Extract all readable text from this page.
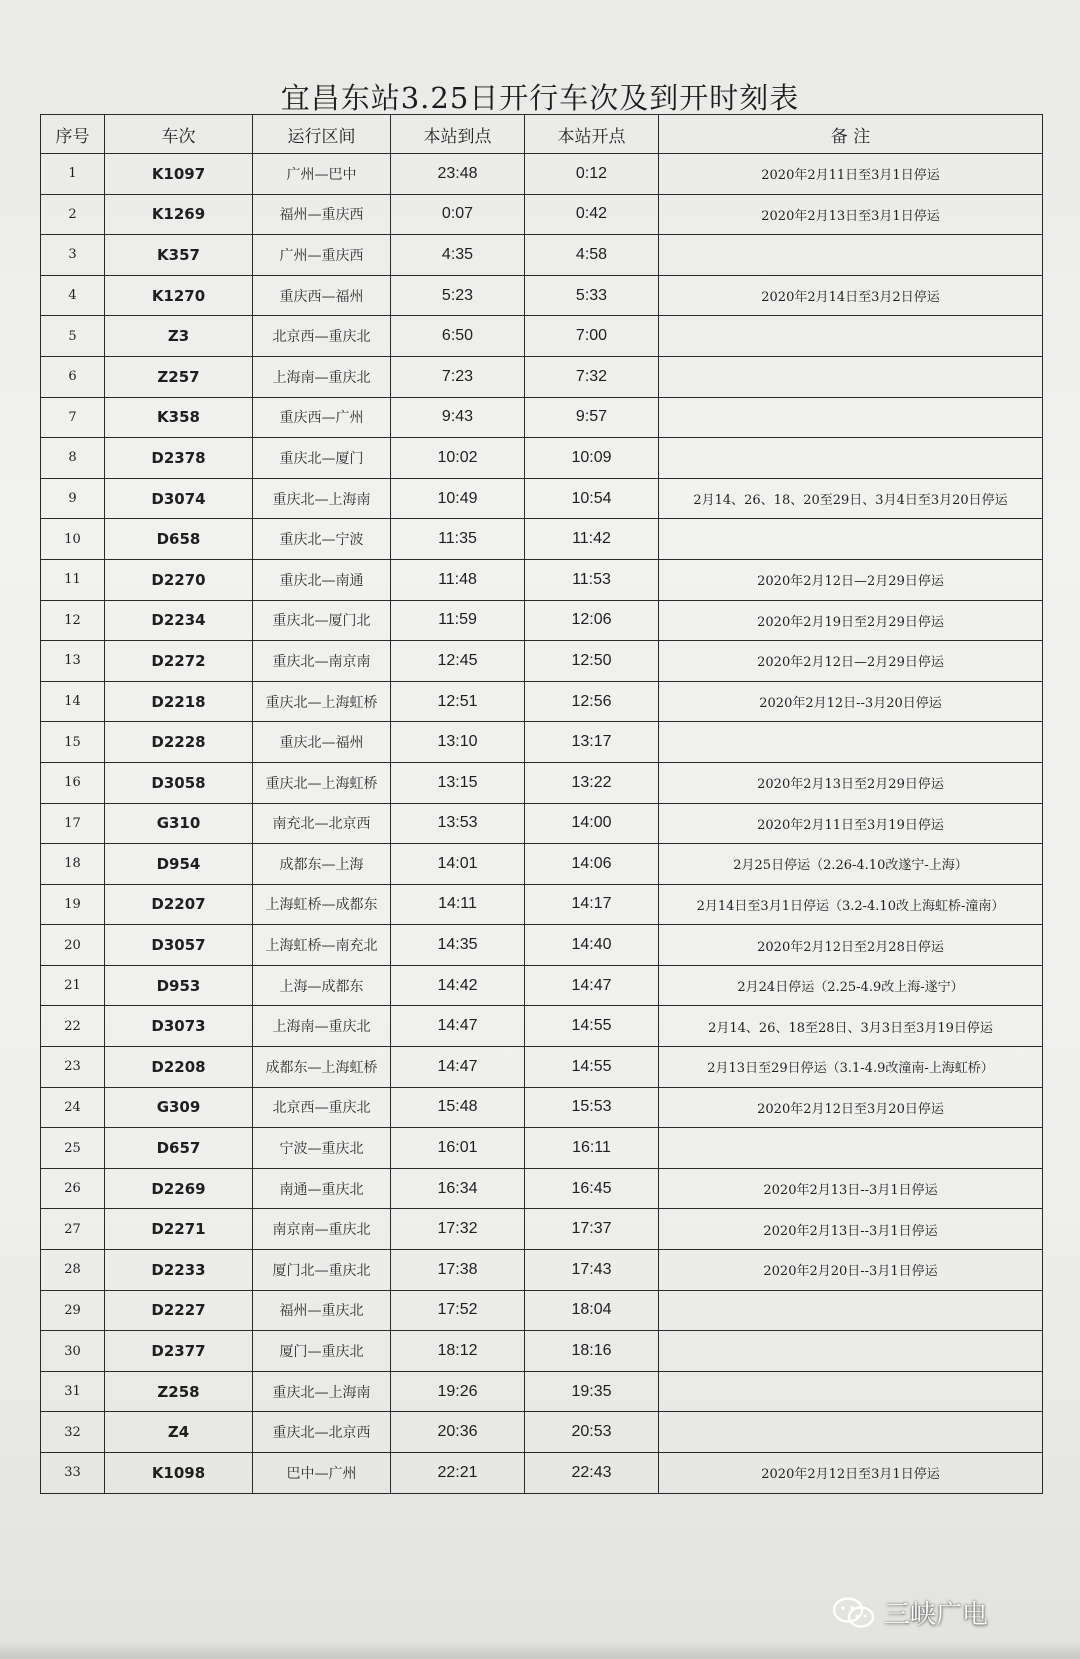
宜昌东站3.25日开行车次及到开时刻表
序号	车次	运行区间	本站到点	本站开点	备 注
1	K1097	广州—巴中	23:48	0:12	2020年2月11日至3月1日停运
2	K1269	福州—重庆西	0:07	0:42	2020年2月13日至3月1日停运
3	K357	广州—重庆西	4:35	4:58	
4	K1270	重庆西—福州	5:23	5:33	2020年2月14日至3月2日停运
5	Z3	北京西—重庆北	6:50	7:00	
6	Z257	上海南—重庆北	7:23	7:32	
7	K358	重庆西—广州	9:43	9:57	
8	D2378	重庆北—厦门	10:02	10:09	
9	D3074	重庆北—上海南	10:49	10:54	2月14、26、18、20至29日、3月4日至3月20日停运
10	D658	重庆北—宁波	11:35	11:42	
11	D2270	重庆北—南通	11:48	11:53	2020年2月12日—2月29日停运
12	D2234	重庆北—厦门北	11:59	12:06	2020年2月19日至2月29日停运
13	D2272	重庆北—南京南	12:45	12:50	2020年2月12日—2月29日停运
14	D2218	重庆北—上海虹桥	12:51	12:56	2020年2月12日--3月20日停运
15	D2228	重庆北—福州	13:10	13:17	
16	D3058	重庆北—上海虹桥	13:15	13:22	2020年2月13日至2月29日停运
17	G310	南充北—北京西	13:53	14:00	2020年2月11日至3月19日停运
18	D954	成都东—上海	14:01	14:06	2月25日停运（2.26-4.10改遂宁-上海）
19	D2207	上海虹桥—成都东	14:11	14:17	2月14日至3月1日停运（3.2-4.10改上海虹桥-潼南）
20	D3057	上海虹桥—南充北	14:35	14:40	2020年2月12日至2月28日停运
21	D953	上海—成都东	14:42	14:47	2月24日停运（2.25-4.9改上海-遂宁）
22	D3073	上海南—重庆北	14:47	14:55	2月14、26、18至28日、3月3日至3月19日停运
23	D2208	成都东—上海虹桥	14:47	14:55	2月13日至29日停运（3.1-4.9改潼南-上海虹桥）
24	G309	北京西—重庆北	15:48	15:53	2020年2月12日至3月20日停运
25	D657	宁波—重庆北	16:01	16:11	
26	D2269	南通—重庆北	16:34	16:45	2020年2月13日--3月1日停运
27	D2271	南京南—重庆北	17:32	17:37	2020年2月13日--3月1日停运
28	D2233	厦门北—重庆北	17:38	17:43	2020年2月20日--3月1日停运
29	D2227	福州—重庆北	17:52	18:04	
30	D2377	厦门—重庆北	18:12	18:16	
31	Z258	重庆北—上海南	19:26	19:35	
32	Z4	重庆北—北京西	20:36	20:53	
33	K1098	巴中—广州	22:21	22:43	2020年2月12日至3月1日停运
三峡广电
